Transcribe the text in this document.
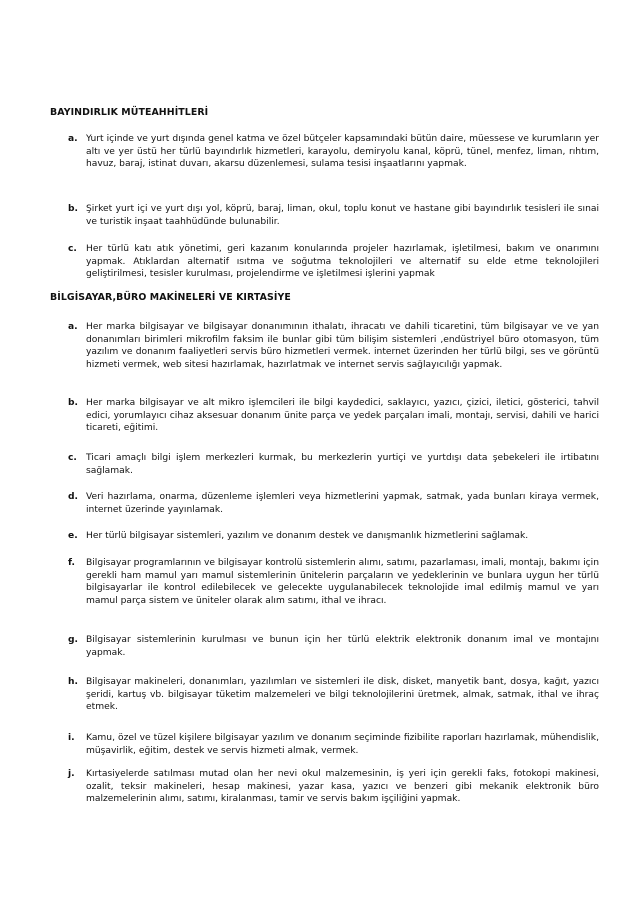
BAYINDIRLIK MÜTEAHHİTLERİ

a. Yurt içinde ve yurt dışında genel katma ve özel bütçeler kapsamındaki bütün daire, müessese ve kurumların yer altı ve yer üstü her türlü bayındırlık hizmetleri, karayolu, demiryolu kanal, köprü, tünel, menfez, liman, rıhtım, havuz, baraj, istinat duvarı, akarsu düzenlemesi, sulama tesisi inşaatlarını yapmak.

b. Şirket yurt içi ve yurt dışı yol, köprü, baraj, liman, okul, toplu konut ve hastane gibi bayındırlık tesisleri ile sınai ve turistik inşaat taahhüdünde bulunabilir.

c. Her türlü katı atık yönetimi, geri kazanım konularında projeler hazırlamak, işletilmesi, bakım ve onarımını yapmak. Atıklardan alternatif ısıtma ve soğutma teknolojileri ve alternatif su elde etme teknolojileri geliştirilmesi, tesisler kurulması, projelendirme ve işletilmesi işlerini yapmak

BİLGİSAYAR,BÜRO MAKİNELERİ VE KIRTASİYE

a. Her marka bilgisayar ve bilgisayar donanımının ithalatı, ihracatı ve dahili ticaretini, tüm bilgisayar ve ve yan donanımları birimleri mikrofilm faksim ile bunlar gibi tüm bilişim sistemleri ,endüstriyel büro otomasyon, tüm yazılım ve donanım faaliyetleri servis büro hizmetleri vermek. internet üzerinden her türlü bilgi, ses ve görüntü hizmeti vermek, web sitesi hazırlamak, hazırlatmak ve internet servis sağlayıcılığı yapmak.

b. Her marka bilgisayar ve alt mikro işlemcileri ile bilgi kaydedici, saklayıcı, yazıcı, çizici, iletici, gösterici, tahvil edici, yorumlayıcı cihaz aksesuar donanım ünite parça ve yedek parçaları imali, montajı, servisi, dahili ve harici ticareti, eğitimi.

c. Ticari amaçlı bilgi işlem merkezleri kurmak, bu merkezlerin yurtiçi ve yurtdışı data şebekeleri ile irtibatını sağlamak.

d. Veri hazırlama, onarma, düzenleme işlemleri veya hizmetlerini yapmak, satmak, yada bunları kiraya vermek, internet üzerinde yayınlamak.

e. Her türlü bilgisayar sistemleri, yazılım ve donanım destek ve danışmanlık hizmetlerini sağlamak.

f. Bilgisayar programlarının ve bilgisayar kontrolü sistemlerin alımı, satımı, pazarlaması, imali, montajı, bakımı için gerekli ham mamul yarı mamul sistemlerinin ünitelerin parçaların ve yedeklerinin ve bunlara uygun her türlü bilgisayarlar ile kontrol edilebilecek ve gelecekte uygulanabilecek teknolojide imal edilmiş mamul ve yarı mamul parça sistem ve üniteler olarak alım satımı, ithal ve ihracı.

g. Bilgisayar sistemlerinin kurulması ve bunun için her türlü elektrik elektronik donanım imal ve montajını yapmak.

h. Bilgisayar makineleri, donanımları, yazılımları ve sistemleri ile disk, disket, manyetik bant, dosya, kağıt, yazıcı şeridi, kartuş vb. bilgisayar tüketim malzemeleri ve bilgi teknolojilerini üretmek, almak, satmak, ithal ve ihraç etmek.

i. Kamu, özel ve tüzel kişilere bilgisayar yazılım ve donanım seçiminde fizibilite raporları hazırlamak, mühendislik, müşavirlik, eğitim, destek ve servis hizmeti almak, vermek.

j. Kırtasiyelerde satılması mutad olan her nevi okul malzemesinin, iş yeri için gerekli faks, fotokopi makinesi, ozalit, teksir makineleri, hesap makinesi, yazar kasa, yazıcı ve benzeri gibi mekanik elektronik büro malzemelerinin alımı, satımı, kiralanması, tamir ve servis bakım işçiliğini yapmak.
